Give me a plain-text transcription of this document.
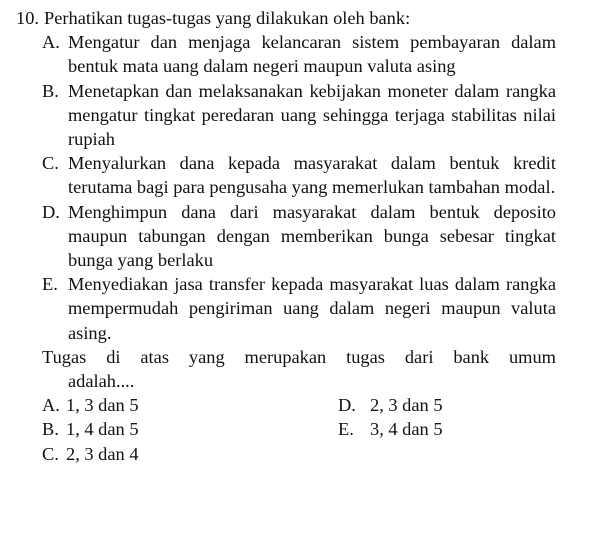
10. Perhatikan tugas-tugas yang dilakukan oleh bank:
A. Mengatur dan menjaga kelancaran sistem pembayaran dalam bentuk mata uang dalam negeri maupun valuta asing
B. Menetapkan dan melaksanakan kebijakan moneter dalam rangka mengatur tingkat peredaran uang sehingga terjaga stabilitas nilai rupiah
C. Menyalurkan dana kepada masyarakat dalam bentuk kredit terutama bagi para pengusaha yang memerlukan tambahan modal.
D. Menghimpun dana dari masyarakat dalam bentuk deposito maupun tabungan dengan memberikan bunga sebesar tingkat bunga yang berlaku
E. Menyediakan jasa transfer kepada masyarakat luas dalam rangka mempermudah pengiriman uang dalam negeri maupun valuta asing.
Tugas di atas yang merupakan tugas dari bank umum
adalah....
A. 1, 3 dan 5	D. 2, 3 dan 5
B. 1, 4 dan 5	E. 3, 4 dan 5
C. 2, 3 dan 4
